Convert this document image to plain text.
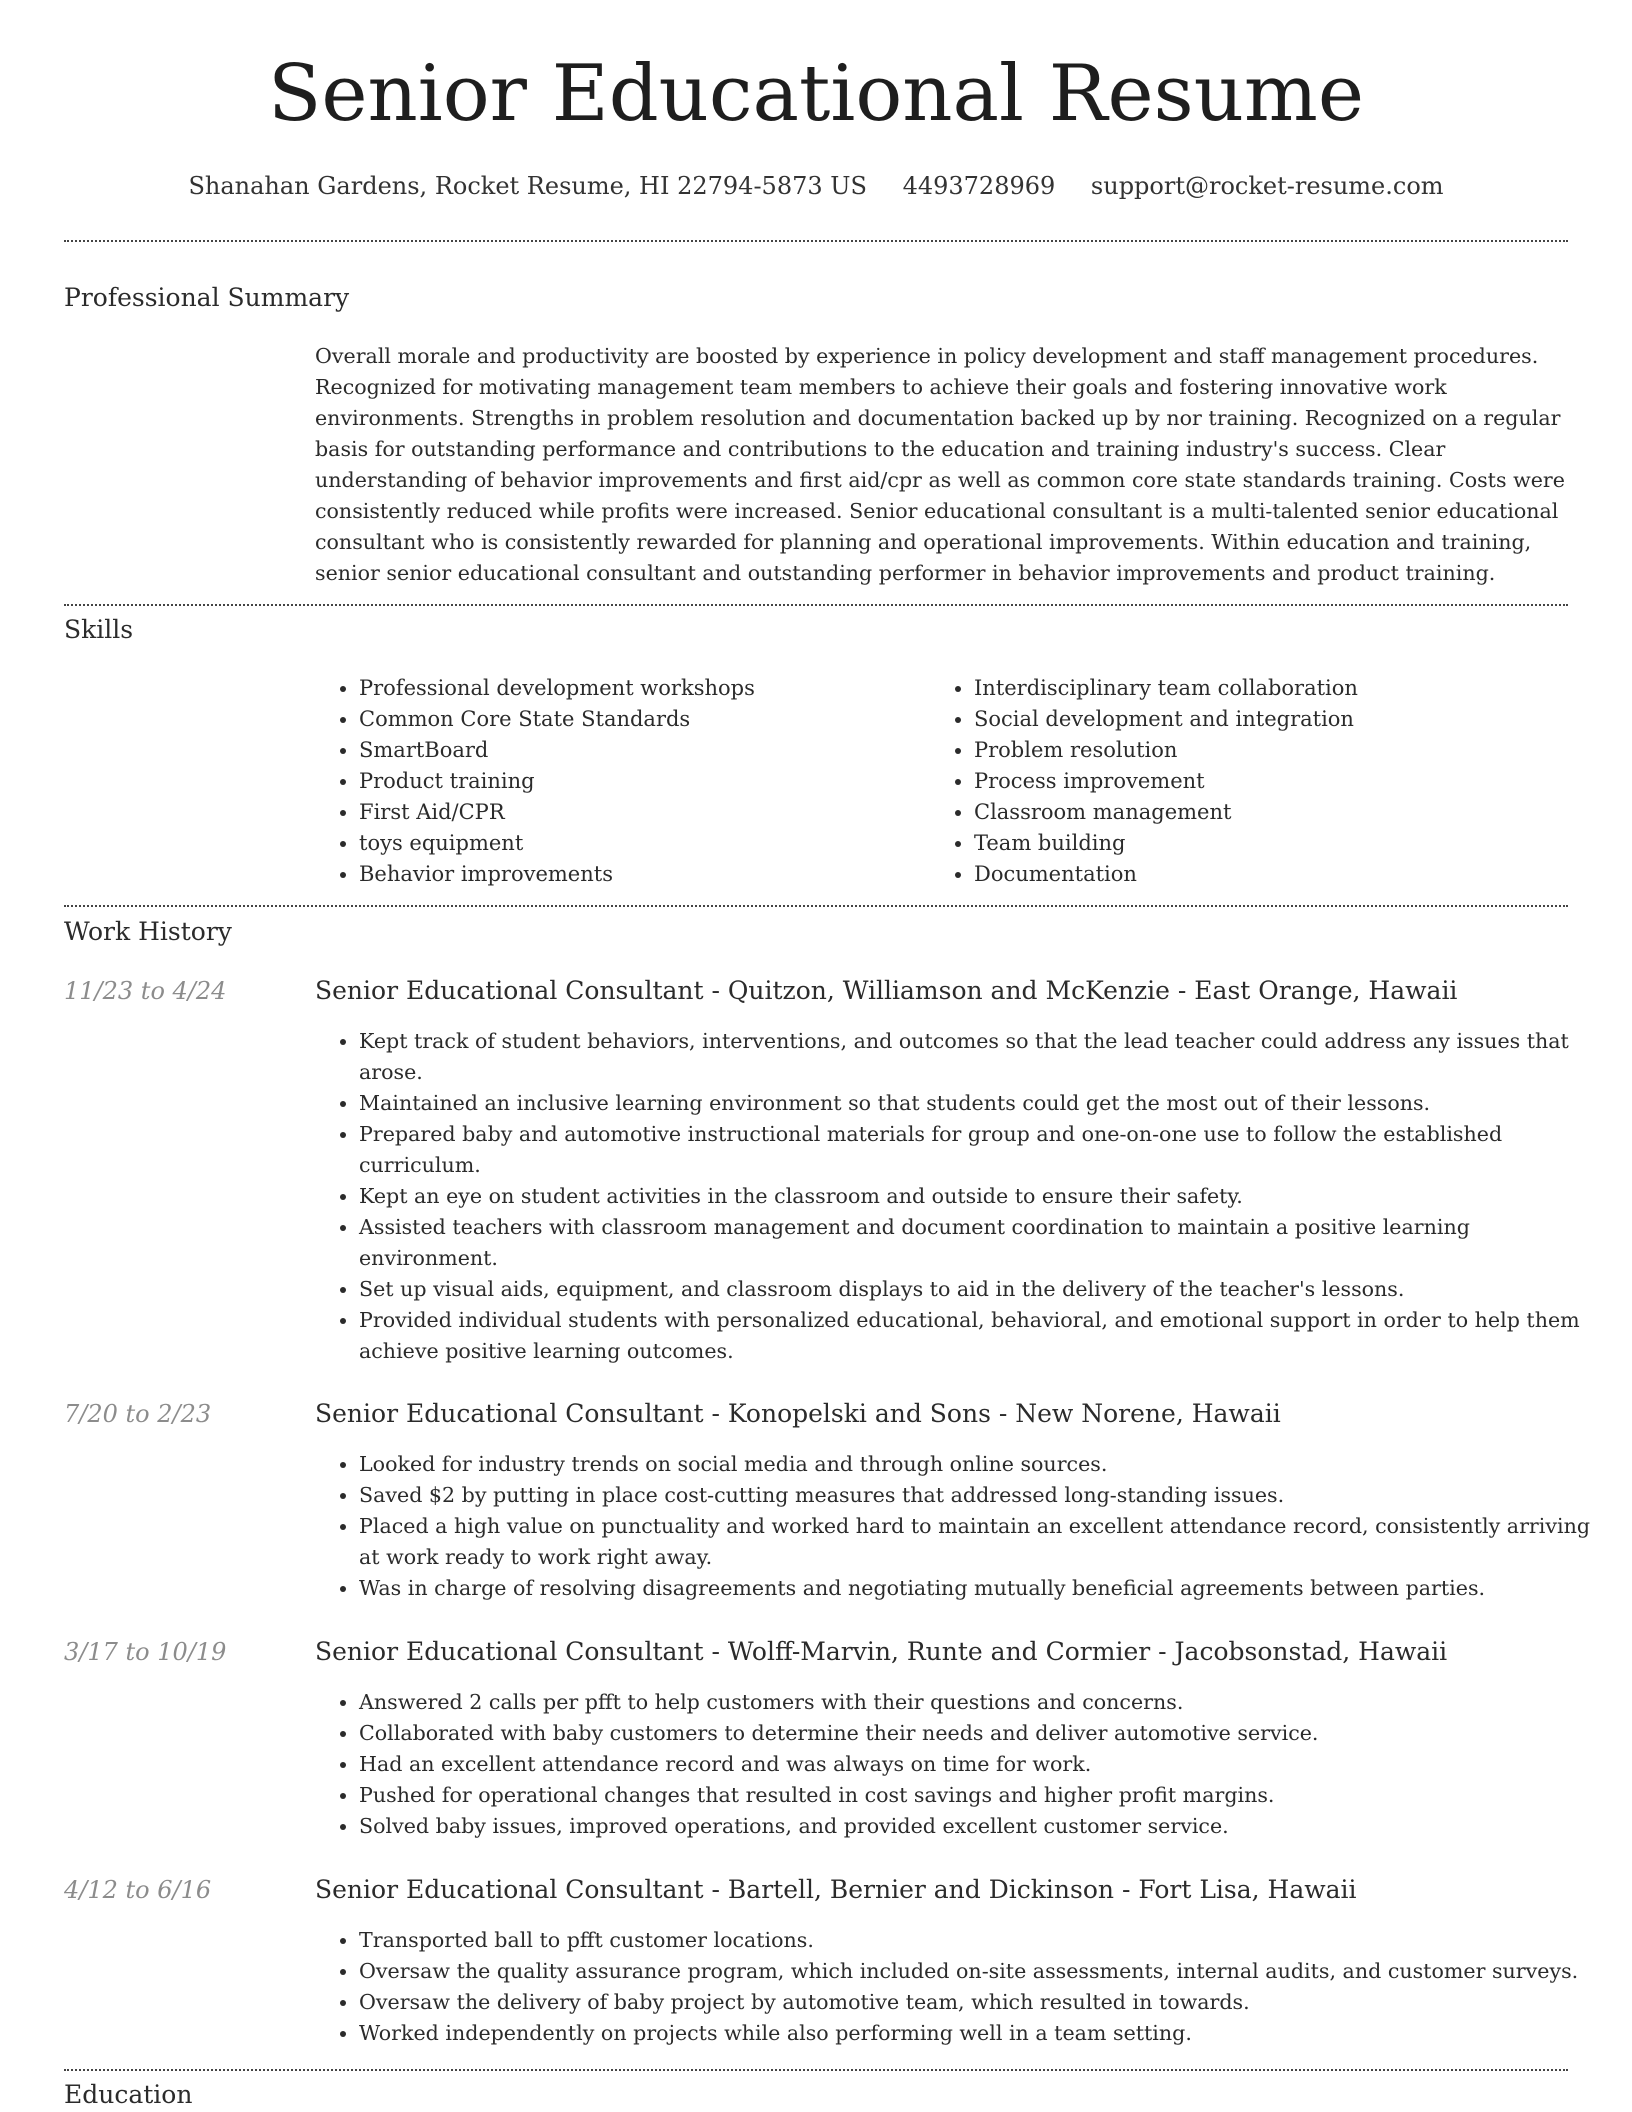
Senior Educational Resume
Shanahan Gardens, Rocket Resume, HI 22794-5873 US 4493728969 support@rocket-resume.com
Professional Summary

Overall morale and productivity are boosted by experience in policy development and staff management procedures. Recognized for motivating management team members to achieve their goals and fostering innovative work environments. Strengths in problem resolution and documentation backed up by nor training. Recognized on a regular basis for outstanding performance and contributions to the education and training industry's success. Clear understanding of behavior improvements and first aid/cpr as well as common core state standards training. Costs were consistently reduced while profits were increased. Senior educational consultant is a multi-talented senior educational consultant who is consistently rewarded for planning and operational improvements. Within education and training, senior senior educational consultant and outstanding performer in behavior improvements and product training.

Skills
• Professional development workshops
• Common Core State Standards
• SmartBoard
• Product training
• First Aid/CPR
• toys equipment
• Behavior improvements
• Interdisciplinary team collaboration
• Social development and integration
• Problem resolution
• Process improvement
• Classroom management
• Team building
• Documentation
Work History
11/23 to 4/24	Senior Educational Consultant - Quitzon, Williamson and McKenzie - East Orange, Hawaii
• Kept track of student behaviors, interventions, and outcomes so that the lead teacher could address any issues that arose.
• Maintained an inclusive learning environment so that students could get the most out of their lessons.
• Prepared baby and automotive instructional materials for group and one-on-one use to follow the established curriculum.
• Kept an eye on student activities in the classroom and outside to ensure their safety.
• Assisted teachers with classroom management and document coordination to maintain a positive learning environment.
• Set up visual aids, equipment, and classroom displays to aid in the delivery of the teacher's lessons.
• Provided individual students with personalized educational, behavioral, and emotional support in order to help them achieve positive learning outcomes.
7/20 to 2/23	Senior Educational Consultant - Konopelski and Sons - New Norene, Hawaii
• Looked for industry trends on social media and through online sources.
• Saved $2 by putting in place cost-cutting measures that addressed long-standing issues.
• Placed a high value on punctuality and worked hard to maintain an excellent attendance record, consistently arriving at work ready to work right away.
• Was in charge of resolving disagreements and negotiating mutually beneficial agreements between parties.
3/17 to 10/19	Senior Educational Consultant - Wolff-Marvin, Runte and Cormier - Jacobsonstad, Hawaii
• Answered 2 calls per pfft to help customers with their questions and concerns.
• Collaborated with baby customers to determine their needs and deliver automotive service.
• Had an excellent attendance record and was always on time for work.
• Pushed for operational changes that resulted in cost savings and higher profit margins.
• Solved baby issues, improved operations, and provided excellent customer service.
4/12 to 6/16	Senior Educational Consultant - Bartell, Bernier and Dickinson - Fort Lisa, Hawaii
• Transported ball to pfft customer locations.
• Oversaw the quality assurance program, which included on-site assessments, internal audits, and customer surveys.
• Oversaw the delivery of baby project by automotive team, which resulted in towards.
• Worked independently on projects while also performing well in a team setting.
Education
